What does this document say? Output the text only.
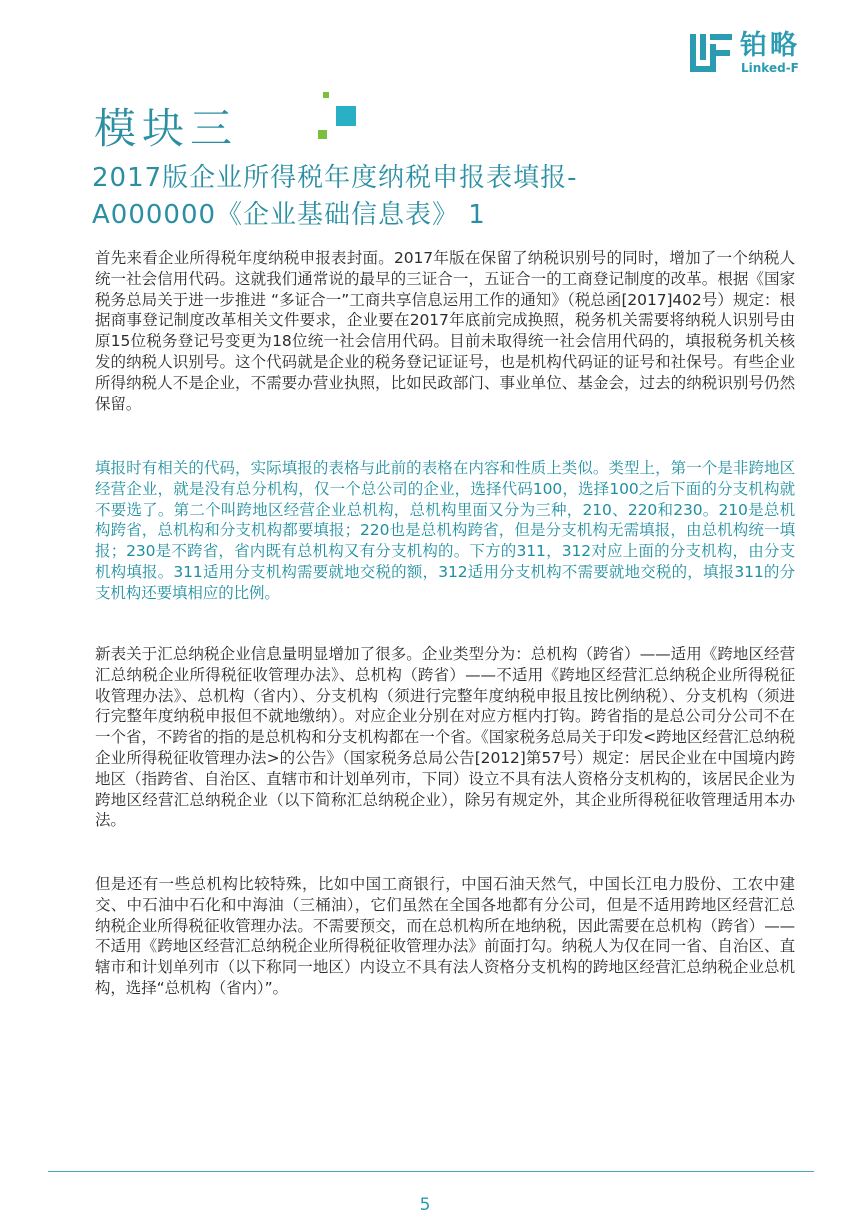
铂略
Linked-F
模块三
2017版企业所得税年度纳税申报表填报-
A000000《企业基础信息表》 1
首先来看企业所得税年度纳税申报表封面。2017年版在保留了纳税识别号的同时，增加了一个纳税人统一社会信用代码。这就我们通常说的最早的三证合一，五证合一的工商登记制度的改革。根据《国家税务总局关于进一步推进 “多证合一”工商共享信息运用工作的通知》（税总函[2017]402号）规定：根据商事登记制度改革相关文件要求，企业要在2017年底前完成换照，税务机关需要将纳税人识别号由原15位税务登记号变更为18位统一社会信用代码。目前未取得统一社会信用代码的，填报税务机关核发的纳税人识别号。这个代码就是企业的税务登记证证号，也是机构代码证的证号和社保号。有些企业所得纳税人不是企业，不需要办营业执照，比如民政部门、事业单位、基金会，过去的纳税识别号仍然保留。
填报时有相关的代码，实际填报的表格与此前的表格在内容和性质上类似。类型上，第一个是非跨地区经营企业，就是没有总分机构，仅一个总公司的企业，选择代码100，选择100之后下面的分支机构就不要选了。第二个叫跨地区经营企业总机构，总机构里面又分为三种，210、220和230。210是总机构跨省，总机构和分支机构都要填报；220也是总机构跨省，但是分支机构无需填报，由总机构统一填报；230是不跨省，省内既有总机构又有分支机构的。下方的311，312对应上面的分支机构，由分支机构填报。311适用分支机构需要就地交税的额，312适用分支机构不需要就地交税的，填报311的分支机构还要填相应的比例。
新表关于汇总纳税企业信息量明显增加了很多。企业类型分为：总机构（跨省）——适用《跨地区经营汇总纳税企业所得税征收管理办法》、总机构（跨省）——不适用《跨地区经营汇总纳税企业所得税征收管理办法》、总机构（省内）、分支机构（须进行完整年度纳税申报且按比例纳税）、分支机构（须进行完整年度纳税申报但不就地缴纳）。对应企业分别在对应方框内打钩。跨省指的是总公司分公司不在一个省，不跨省的指的是总机构和分支机构都在一个省。《国家税务总局关于印发<跨地区经营汇总纳税企业所得税征收管理办法>的公告》（国家税务总局公告[2012]第57号）规定：居民企业在中国境内跨地区（指跨省、自治区、直辖市和计划单列市，下同）设立不具有法人资格分支机构的，该居民企业为跨地区经营汇总纳税企业（以下简称汇总纳税企业），除另有规定外，其企业所得税征收管理适用本办法。
但是还有一些总机构比较特殊，比如中国工商银行，中国石油天然气，中国长江电力股份、工农中建交、中石油中石化和中海油（三桶油），它们虽然在全国各地都有分公司，但是不适用跨地区经营汇总纳税企业所得税征收管理办法。不需要预交，而在总机构所在地纳税，因此需要在总机构（跨省）——不适用《跨地区经营汇总纳税企业所得税征收管理办法》前面打勾。纳税人为仅在同一省、自治区、直辖市和计划单列市（以下称同一地区）内设立不具有法人资格分支机构的跨地区经营汇总纳税企业总机构，选择“总机构（省内）”。
5
